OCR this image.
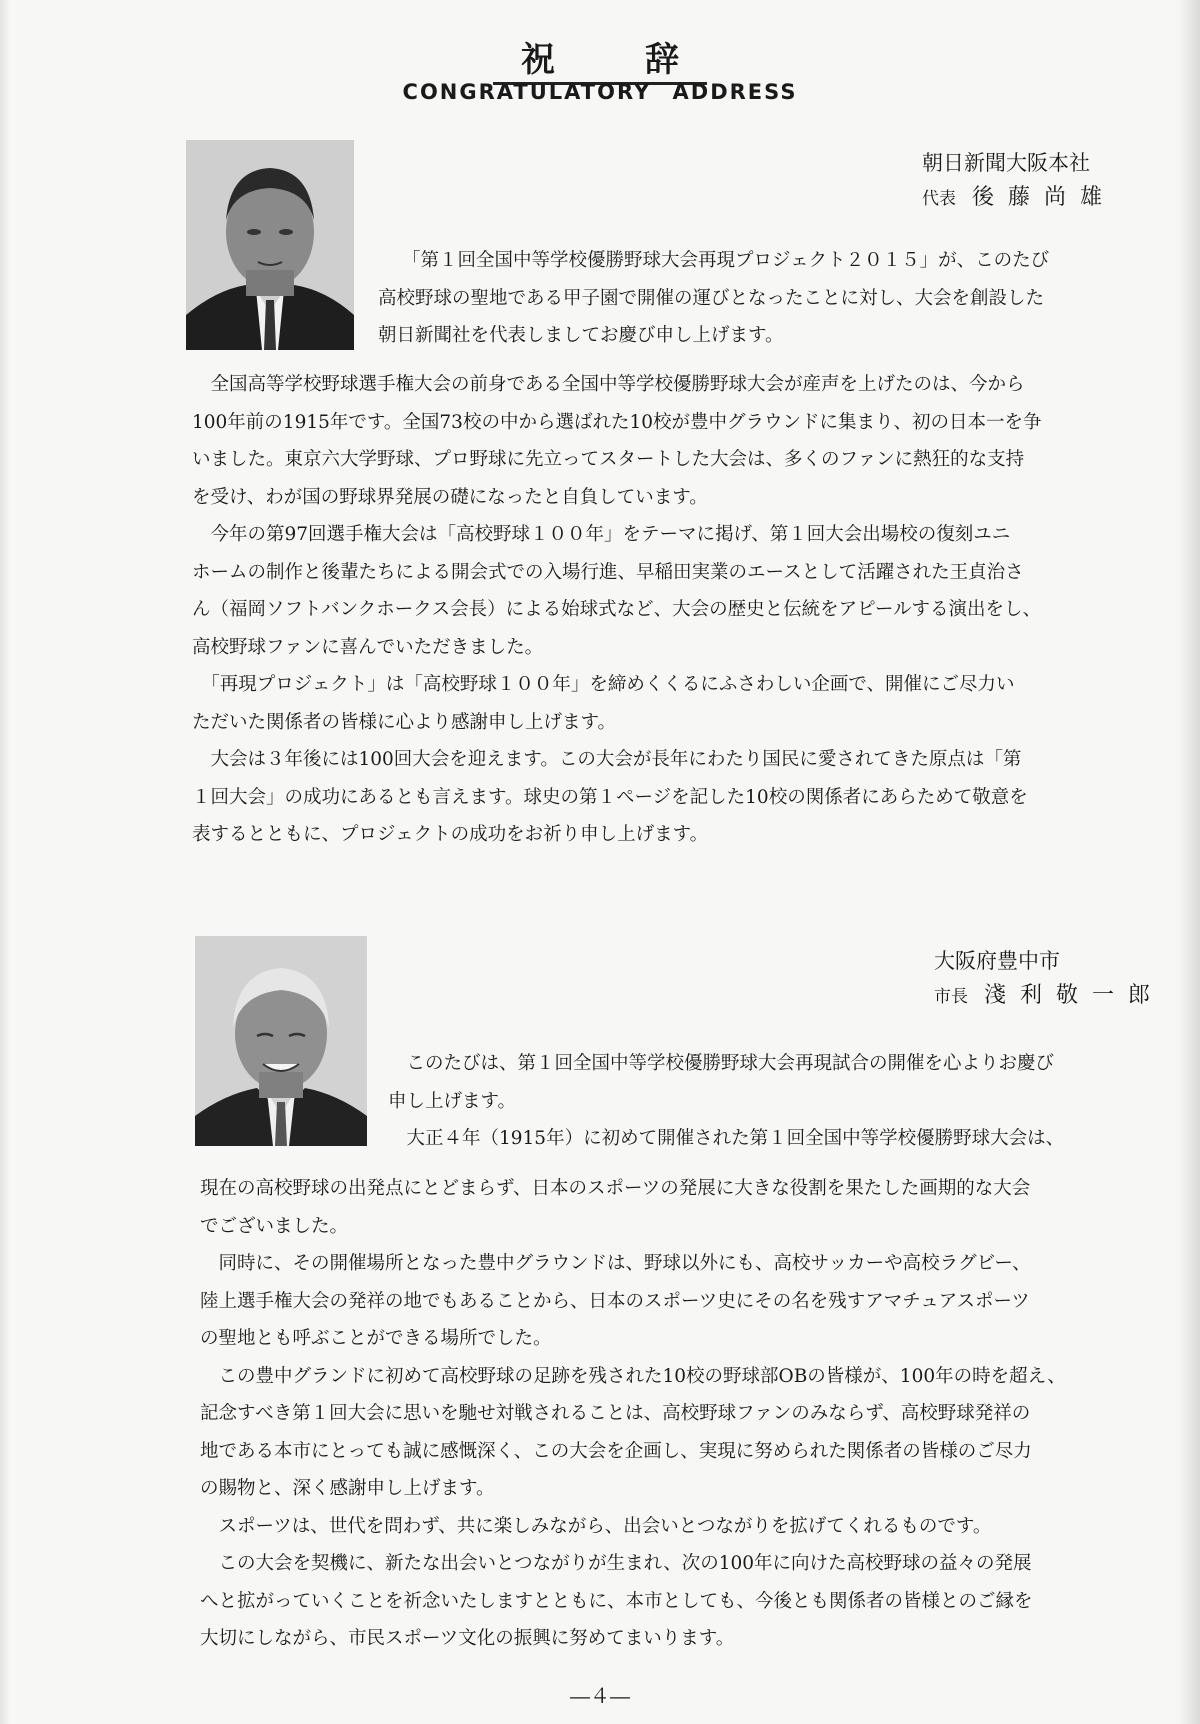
祝　辞
CONGRATULATORY ADDRESS
朝日新聞大阪本社
代表 後藤尚雄
「第１回全国中等学校優勝野球大会再現プロジェクト２０１５」が、このたび
高校野球の聖地である甲子園で開催の運びとなったことに対し、大会を創設した
朝日新聞社を代表しましてお慶び申し上げます。
　全国高等学校野球選手権大会の前身である全国中等学校優勝野球大会が産声を上げたのは、今から
100年前の1915年です。全国73校の中から選ばれた10校が豊中グラウンドに集まり、初の日本一を争
いました。東京六大学野球、プロ野球に先立ってスタートした大会は、多くのファンに熱狂的な支持
を受け、わが国の野球界発展の礎になったと自負しています。
　今年の第97回選手権大会は「高校野球１００年」をテーマに掲げ、第１回大会出場校の復刻ユニ
ホームの制作と後輩たちによる開会式での入場行進、早稲田実業のエースとして活躍された王貞治さ
ん（福岡ソフトバンクホークス会長）による始球式など、大会の歴史と伝統をアピールする演出をし、
高校野球ファンに喜んでいただきました。
　「再現プロジェクト」は「高校野球１００年」を締めくくるにふさわしい企画で、開催にご尽力い
ただいた関係者の皆様に心より感謝申し上げます。
　大会は３年後には100回大会を迎えます。この大会が長年にわたり国民に愛されてきた原点は「第
１回大会」の成功にあるとも言えます。球史の第１ページを記した10校の関係者にあらためて敬意を
表するとともに、プロジェクトの成功をお祈り申し上げます。
大阪府豊中市
市長 淺利敬一郎
　このたびは、第１回全国中等学校優勝野球大会再現試合の開催を心よりお慶び
申し上げます。
　大正４年（1915年）に初めて開催された第１回全国中等学校優勝野球大会は、
現在の高校野球の出発点にとどまらず、日本のスポーツの発展に大きな役割を果たした画期的な大会
でございました。
　同時に、その開催場所となった豊中グラウンドは、野球以外にも、高校サッカーや高校ラグビー、
陸上選手権大会の発祥の地でもあることから、日本のスポーツ史にその名を残すアマチュアスポーツ
の聖地とも呼ぶことができる場所でした。
　この豊中グランドに初めて高校野球の足跡を残された10校の野球部OBの皆様が、100年の時を超え、
記念すべき第１回大会に思いを馳せ対戦されることは、高校野球ファンのみならず、高校野球発祥の
地である本市にとっても誠に感慨深く、この大会を企画し、実現に努められた関係者の皆様のご尽力
の賜物と、深く感謝申し上げます。
　スポーツは、世代を問わず、共に楽しみながら、出会いとつながりを拡げてくれるものです。
　この大会を契機に、新たな出会いとつながりが生まれ、次の100年に向けた高校野球の益々の発展
へと拡がっていくことを祈念いたしますとともに、本市としても、今後とも関係者の皆様とのご縁を
大切にしながら、市民スポーツ文化の振興に努めてまいります。
―４―
